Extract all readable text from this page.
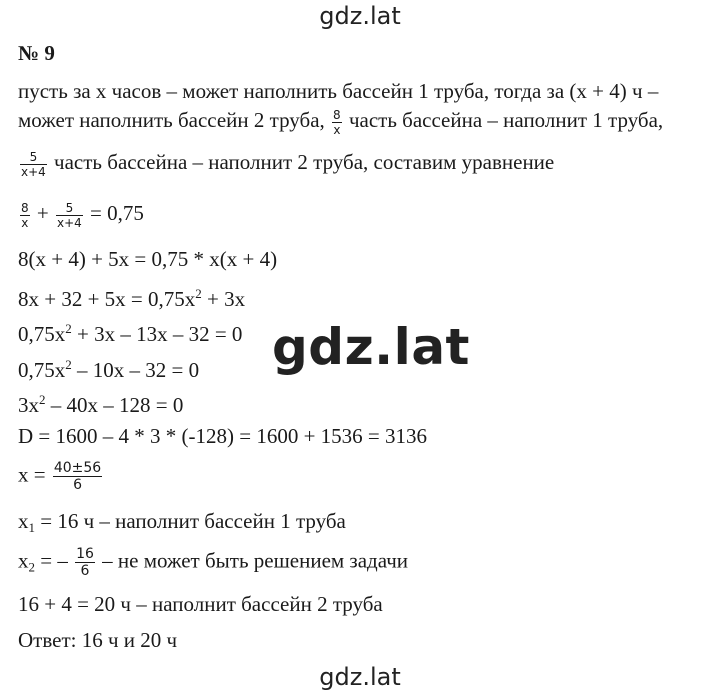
gdz.lat
№ 9
пусть за x часов – может наполнить бассейн 1 труба, тогда за (x + 4) ч –
может наполнить бассейн 2 труба, $\frac{8}{x}$ часть бассейна – наполнит 1 труба,
$\frac{5}{x+4}$ часть бассейна – наполнит 2 труба, составим уравнение
$\frac{8}{x} + \frac{5}{x+4} = 0,75$
8(x + 4) + 5x = 0,75 * x(x + 4)
$8x + 32 + 5x = 0,75x^2 + 3x$
$0,75x^2 + 3x - 13x - 32 = 0$
$0,75x^2 - 10x - 32 = 0$
$3x^2 - 40x - 128 = 0$
D = 1600 – 4 * 3 * (-128) = 1600 + 1536 = 3136
$x = \frac{40\pm 56}{6}$
$x_1 = 16$ ч – наполнит бассейн 1 труба
$x_2$ = – $\frac{16}{6}$ – не может быть решением задачи
16 + 4 = 20 ч – наполнит бассейн 2 труба
Ответ: 16 ч и 20 ч
gdz.lat
gdz.lat
